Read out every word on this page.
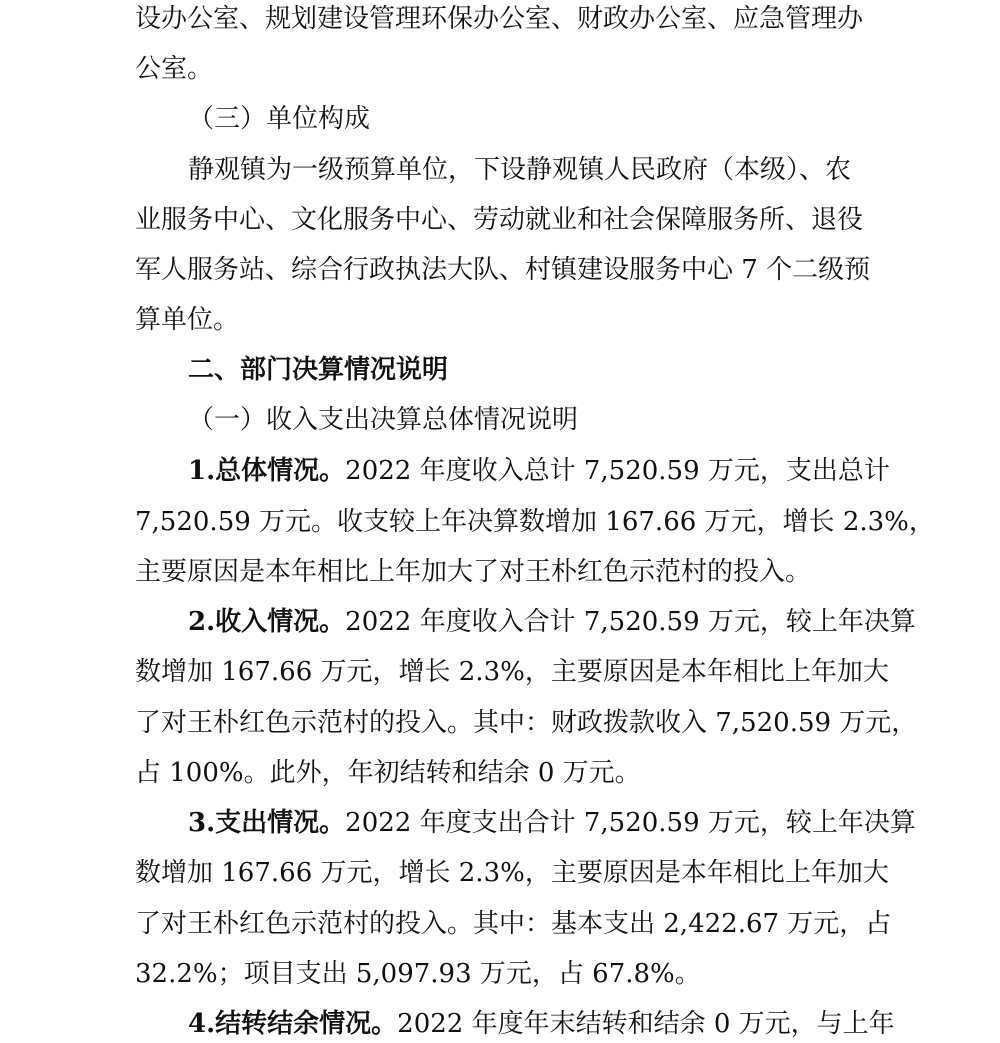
设办公室、规划建设管理环保办公室、财政办公室、应急管理办
公室。
（三）单位构成
静观镇为一级预算单位，下设静观镇人民政府（本级）、农
业服务中心、文化服务中心、劳动就业和社会保障服务所、退役
军人服务站、综合行政执法大队、村镇建设服务中心 7 个二级预
算单位。
二、部门决算情况说明
（一）收入支出决算总体情况说明
1.总体情况。2022 年度收入总计 7,520.59 万元，支出总计
7,520.59 万元。收支较上年决算数增加 167.66 万元，增长 2.3%，
主要原因是本年相比上年加大了对王朴红色示范村的投入。
2.收入情况。2022 年度收入合计 7,520.59 万元，较上年决算
数增加 167.66 万元，增长 2.3%，主要原因是本年相比上年加大
了对王朴红色示范村的投入。其中：财政拨款收入 7,520.59 万元，
占 100%。此外，年初结转和结余 0 万元。
3.支出情况。2022 年度支出合计 7,520.59 万元，较上年决算
数增加 167.66 万元，增长 2.3%，主要原因是本年相比上年加大
了对王朴红色示范村的投入。其中：基本支出 2,422.67 万元，占
32.2%；项目支出 5,097.93 万元，占 67.8%。
4.结转结余情况。2022 年度年末结转和结余 0 万元，与上年
